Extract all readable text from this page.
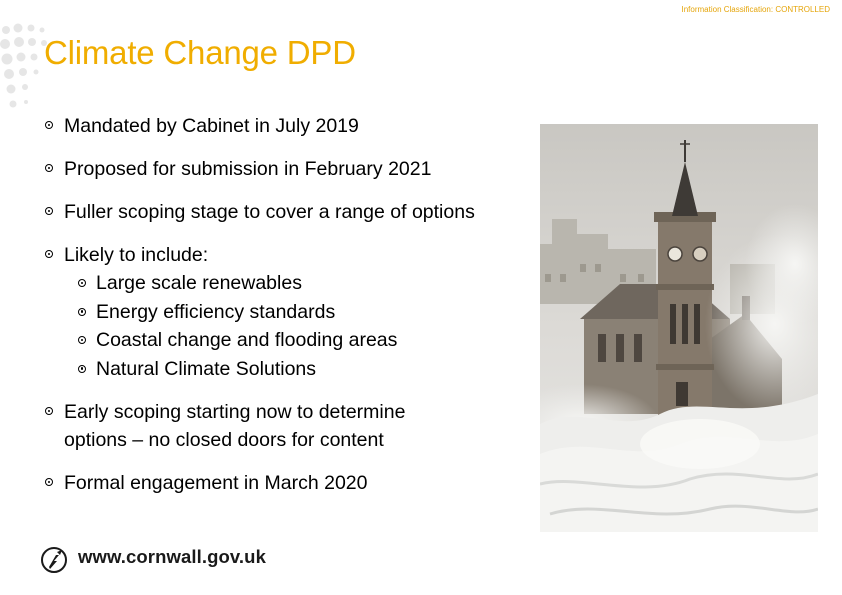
Information Classification: CONTROLLED
Climate Change DPD
Mandated by Cabinet in July 2019
Proposed for submission in February 2021
Fuller scoping stage to cover a range of options
Likely to include:
Large scale renewables
Energy efficiency standards
Coastal change and flooding areas
Natural Climate Solutions
Early scoping starting now to determine
options – no closed doors for content
Formal engagement in March 2020
www.cornwall.gov.uk
